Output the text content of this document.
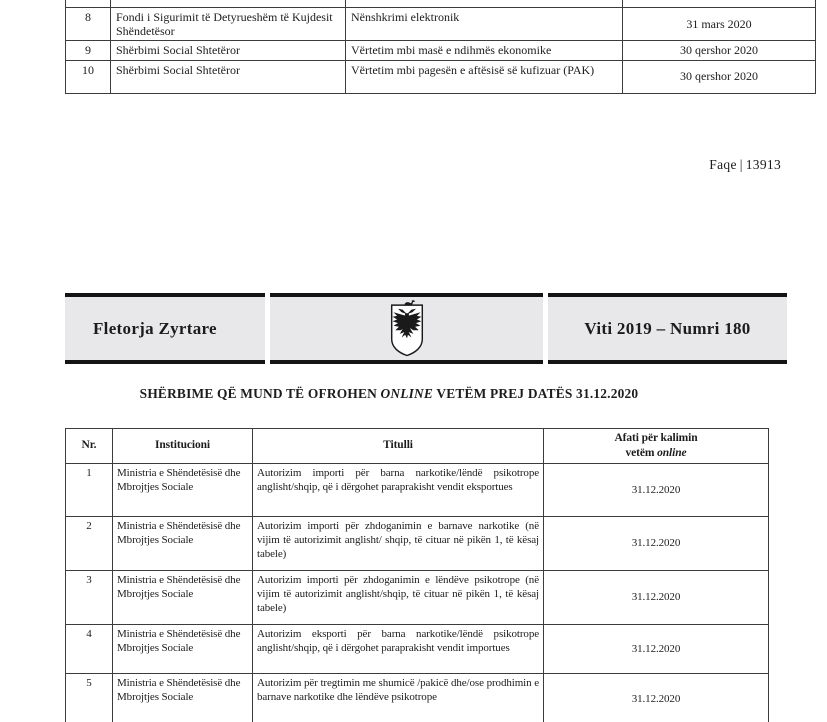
8	Fondi i Sigurimit të Detyrueshëm të Kujdesit Shëndetësor	Nënshkrimi elektronik	31 mars 2020
9	Shërbimi Social Shtetëror	Vërtetim mbi masë e ndihmës ekonomike	30 qershor 2020
10	Shërbimi Social Shtetëror	Vërtetim mbi pagesën e aftësisë së kufizuar (PAK)	30 qershor 2020
Faqe | 13913
Fletorja Zyrtare	Viti 2019 – Numri 180
SHËRBIME QË MUND TË OFROHEN ONLINE VETËM PREJ DATËS 31.12.2020
Nr.	Institucioni	Titulli	Afati për kalimin
vetëm online
1	Ministria e Shëndetësisë dhe Mbrojtjes Sociale	Autorizim importi për barna narkotike/lëndë psikotrope anglisht/shqip, që i dërgohet paraprakisht vendit eksportues	31.12.2020
2	Ministria e Shëndetësisë dhe Mbrojtjes Sociale	Autorizim importi për zhdoganimin e barnave narkotike (në vijim të autorizimit anglisht/ shqip, të cituar në pikën 1, të kësaj tabele)	31.12.2020
3	Ministria e Shëndetësisë dhe Mbrojtjes Sociale	Autorizim importi për zhdoganimin e lëndëve psikotrope (në vijim të autorizimit anglisht/shqip, të cituar në pikën 1, të kësaj tabele)	31.12.2020
4	Ministria e Shëndetësisë dhe Mbrojtjes Sociale	Autorizim eksporti për barna narkotike/lëndë psikotrope anglisht/shqip, që i dërgohet paraprakisht vendit importues	31.12.2020
5	Ministria e Shëndetësisë dhe Mbrojtjes Sociale	Autorizim për tregtimin me shumicë /pakicë dhe/ose prodhimin e barnave narkotike dhe lëndëve psikotrope	31.12.2020
